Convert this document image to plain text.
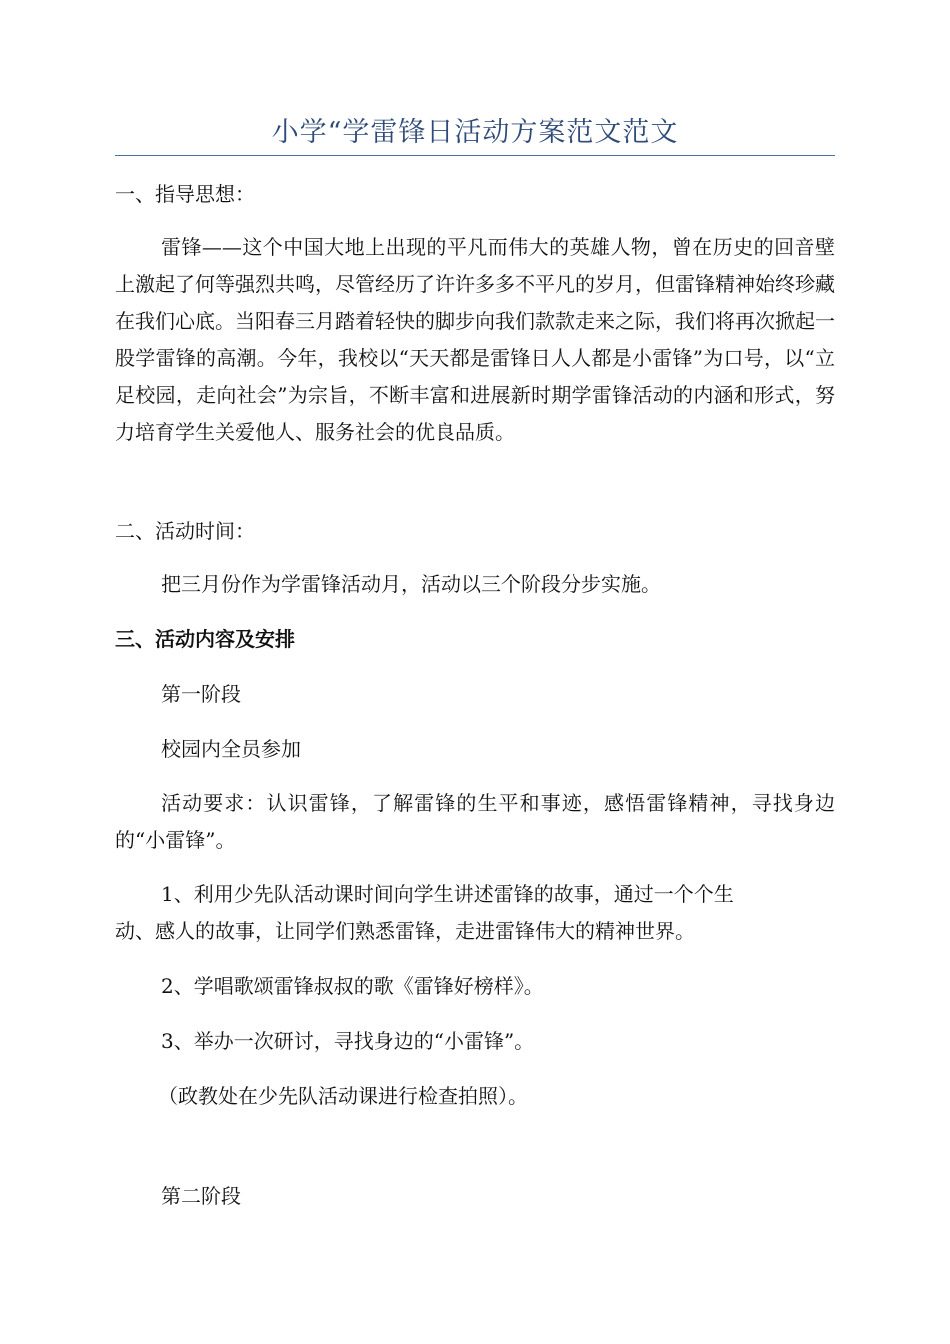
小学“学雷锋日活动方案范文范文

一、指导思想：

雷锋——这个中国大地上出现的平凡而伟大的英雄人物，曾在历史的回音壁上激起了何等强烈共鸣，尽管经历了许许多多不平凡的岁月，但雷锋精神始终珍藏在我们心底。当阳春三月踏着轻快的脚步向我们款款走来之际，我们将再次掀起一股学雷锋的高潮。今年，我校以“天天都是雷锋日人人都是小雷锋”为口号，以“立足校园，走向社会”为宗旨，不断丰富和进展新时期学雷锋活动的内涵和形式，努力培育学生关爱他人、服务社会的优良品质。

二、活动时间：

把三月份作为学雷锋活动月，活动以三个阶段分步实施。

三、活动内容及安排

第一阶段

校园内全员参加

活动要求：认识雷锋，了解雷锋的生平和事迹，感悟雷锋精神，寻找身边的“小雷锋”。

1、利用少先队活动课时间向学生讲述雷锋的故事，通过一个个生

动、感人的故事，让同学们熟悉雷锋，走进雷锋伟大的精神世界。

2、学唱歌颂雷锋叔叔的歌《雷锋好榜样》。

3、举办一次研讨，寻找身边的“小雷锋”。

（政教处在少先队活动课进行检查拍照）。

第二阶段
